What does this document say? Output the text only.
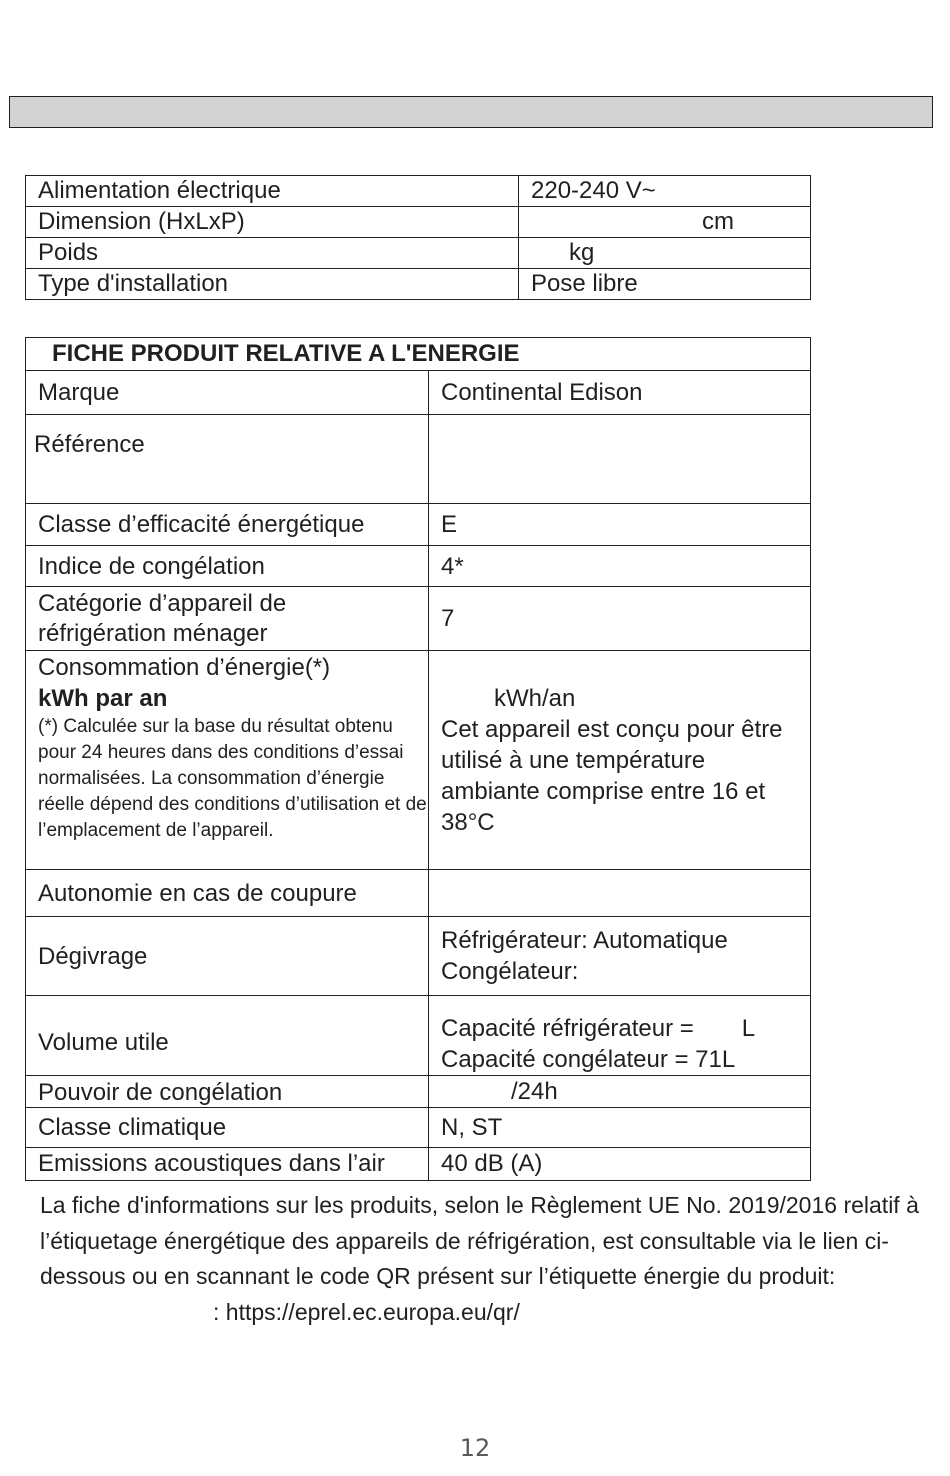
Alimentation électrique	220-240 V~
Dimension (HxLxP)	cm
Poids	kg
Type d'installation	Pose libre
FICHE PRODUIT RELATIVE A L'ENERGIE	
Marque	Continental Edison
Référence	
Classe d’efficacité énergétique	E
Indice de congélation	4*

Catégorie d’appareil de
réfrigération ménager	7

Consommation d’énergie(*)
kWh par an
(*) Calculée sur la base du résultat obtenu pour 24 heures dans des conditions d’essai normalisées. La consommation d’énergie réelle dépend des conditions d’utilisation et de l’emplacement de l’appareil.	kWh/an
Cet appareil est conçu pour être utilisé à une température ambiante comprise entre 16 et 38°C

Autonomie en cas de coupure	
Dégivrage	Réfrigérateur: Automatique
Congélateur:

Volume utile	Capacité réfrigérateur = L
Capacité congélateur = 71L

Pouvoir de congélation	/24h
Classe climatique	N, ST
Emissions acoustiques dans l’air	40 dB (A)
La fiche d'informations sur les produits, selon le Règlement UE No. 2019/2016 relatif à l’étiquetage énergétique des appareils de réfrigération, est consultable via le lien ci-dessous ou en scannant le code QR présent sur l’étiquette énergie du produit:
: https://eprel.ec.europa.eu/qr/
12
